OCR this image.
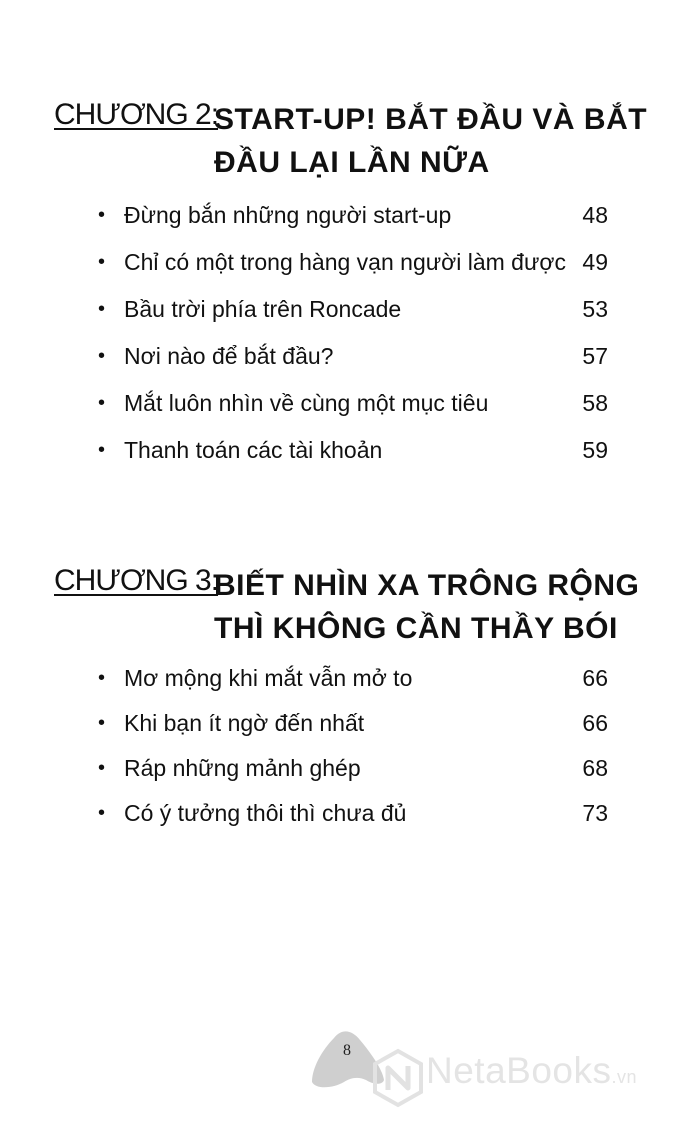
CHƯƠNG 2:
START-UP! BẮT ĐẦU VÀ BẮT
ĐẦU LẠI LẦN NỮA
• Đừng bắn những người start-up	48
• Chỉ có một trong hàng vạn người làm được 49
• Bầu trời phía trên Roncade	53
• Nơi nào để bắt đầu?	57
• Mắt luôn nhìn về cùng một mục tiêu	58
• Thanh toán các tài khoản	59
CHƯƠNG 3:
BIẾT NHÌN XA TRÔNG RỘNG
THÌ KHÔNG CẦN THẦY BÓI
• Mơ mộng khi mắt vẫn mở to	66
• Khi bạn ít ngờ đến nhất	66
• Ráp những mảnh ghép	68
• Có ý tưởng thôi thì chưa đủ	73
8 NetaBooks.vn
